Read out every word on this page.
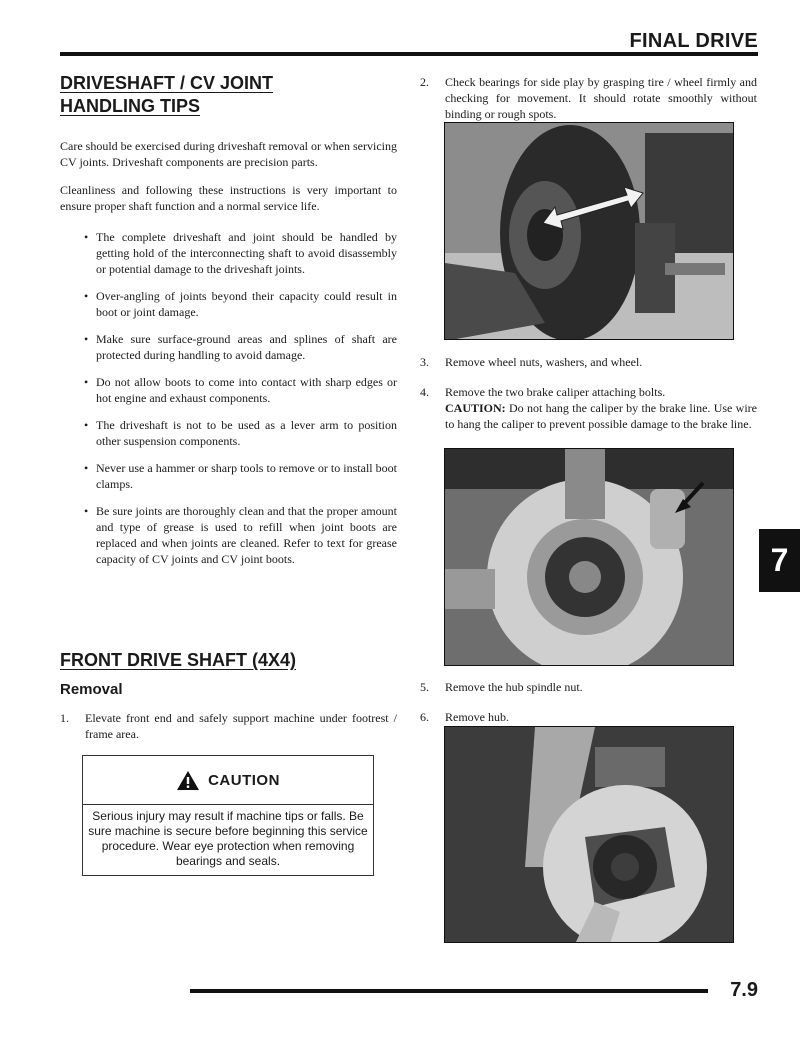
FINAL DRIVE
DRIVESHAFT / CV JOINT
HANDLING TIPS

Care should be exercised during driveshaft removal or when servicing CV joints. Driveshaft components are precision parts.

Cleanliness and following these instructions is very important to ensure proper shaft function and a normal service life.

• The complete driveshaft and joint should be handled by getting hold of the interconnecting shaft to avoid disassembly or potential damage to the driveshaft joints.
• Over-angling of joints beyond their capacity could result in boot or joint damage.
• Make sure surface-ground areas and splines of shaft are protected during handling to avoid damage.
• Do not allow boots to come into contact with sharp edges or hot engine and exhaust components.
• The driveshaft is not to be used as a lever arm to position other suspension components.
• Never use a hammer or sharp tools to remove or to install boot clamps.
• Be sure joints are thoroughly clean and that the proper amount and type of grease is used to refill when joint boots are replaced and when joints are cleaned. Refer to text for grease capacity of CV joints and CV joint boots.
FRONT DRIVE SHAFT (4X4)
Removal
1. Elevate front end and safely support machine under footrest / frame area.
CAUTION
Serious injury may result if machine tips or falls. Be sure machine is secure before beginning this service procedure. Wear eye protection when removing bearings and seals.
2. Check bearings for side play by grasping tire / wheel firmly and checking for movement. It should rotate smoothly without binding or rough spots.
3. Remove wheel nuts, washers, and wheel.
4. Remove the two brake caliper attaching bolts.
CAUTION: Do not hang the caliper by the brake line. Use wire to hang the caliper to prevent possible damage to the brake line.
5. Remove the hub spindle nut.
6. Remove hub.
7
7.9
